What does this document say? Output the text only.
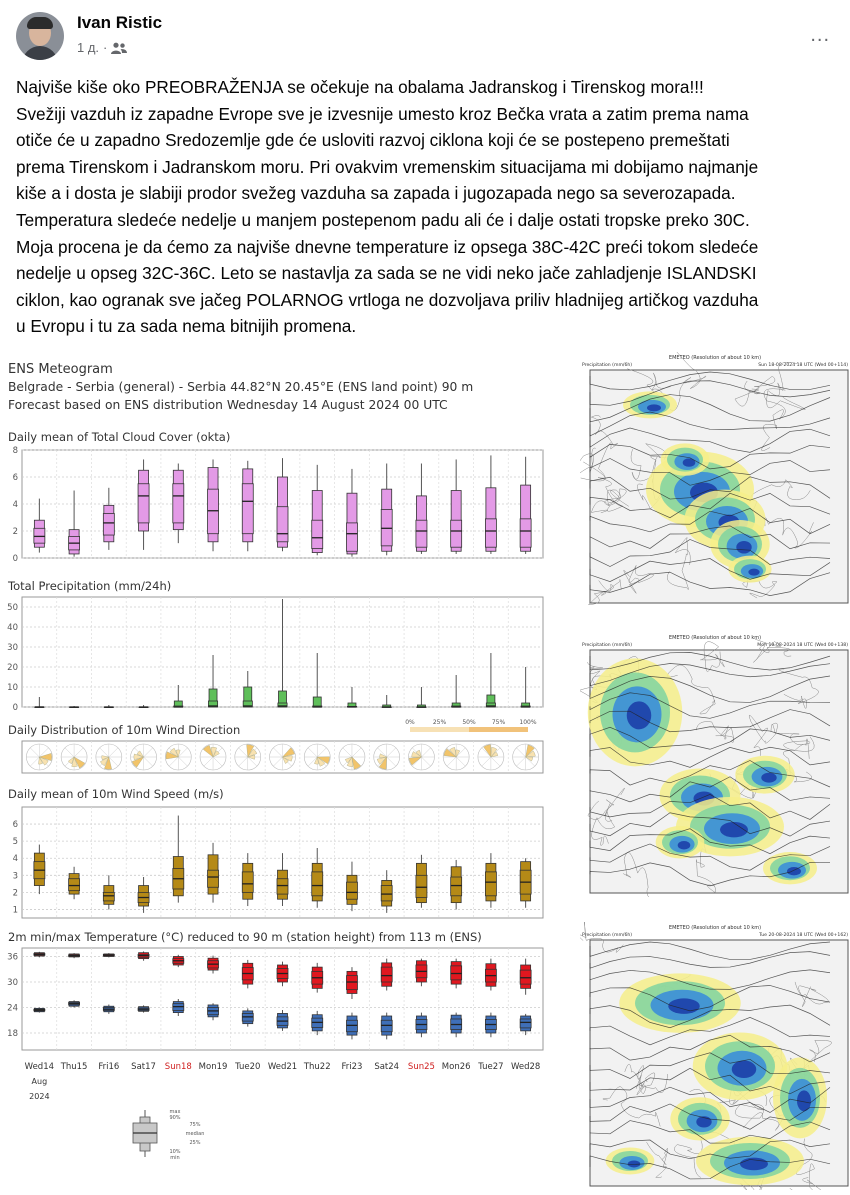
Ivan Ristic
1 д. ·
...

Najviše kiše oko PREOBRAŽENJA se očekuje na obalama Jadranskog i Tirenskog mora!!!

Svežiji vazduh iz zapadne Evrope sve je izvesnije umesto kroz Bečka vrata a zatim prema nama

otiče će u zapadno Sredozemlje gde će usloviti razvoj ciklona koji će se postepeno premeštati

prema Tirenskom i Jadranskom moru. Pri ovakvim vremenskim situacijama mi dobijamo najmanje

kiše a i dosta je slabiji prodor svežeg vazduha sa zapada i jugozapada nego sa severozapada.

Temperatura sledeće nedelje u manjem postepenom padu ali će i dalje ostati tropske preko 30C.

Moja procena je da ćemo za najviše dnevne temperature iz opsega 38C-42C preći tokom sledeće

nedelje u opseg 32C-36C. Leto se nastavlja za sada se ne vidi neko jače zahladjenje ISLANDSKI

ciklon, kao ogranak sve jačeg POLARNOG vrtloga ne dozvoljava priliv hladnijeg artičkog vazduha

u Evropu i tu za sada nema bitnijih promena.

ENS Meteogram
Belgrade - Serbia (general) - Serbia 44.82°N 20.45°E (ENS land point) 90 m
Forecast based on ENS distribution Wednesday 14 August 2024 00 UTC
Daily mean of Total Cloud Cover (okta)
0
2
4
6
8
Total Precipitation (mm/24h)
0
10
20
30
40
50
Daily Distribution of 10m Wind Direction
0%	25%	50%	75% 100%
Daily mean of 10m Wind Speed (m/s)
1
2
3
4
5
6
2m min/max Temperature (°C) reduced to 90 m (station height) from 113 m (ENS)
18
24
30
36
Wed14 Thu15 Fri16 Sat17 Sun18 Mon19 Tue20 Wed21 Thu22 Fri23 Sat24 Sun25 Mon26 Tue27 Wed28
Aug
2024
max
90%
75%
median
25%
10%
min
EMETEO (Resolution of about 10 km)
Precipitation (mm/6h)	Sun 18-08-2024 18 UTC (Wed 00+114)
EMETEO (Resolution of about 10 km)
Precipitation (mm/6h)	Mon 19-08-2024 18 UTC (Wed 00+138)
EMETEO (Resolution of about 10 km)
Precipitation (mm/6h)	Tue 20-08-2024 18 UTC (Wed 00+162)
